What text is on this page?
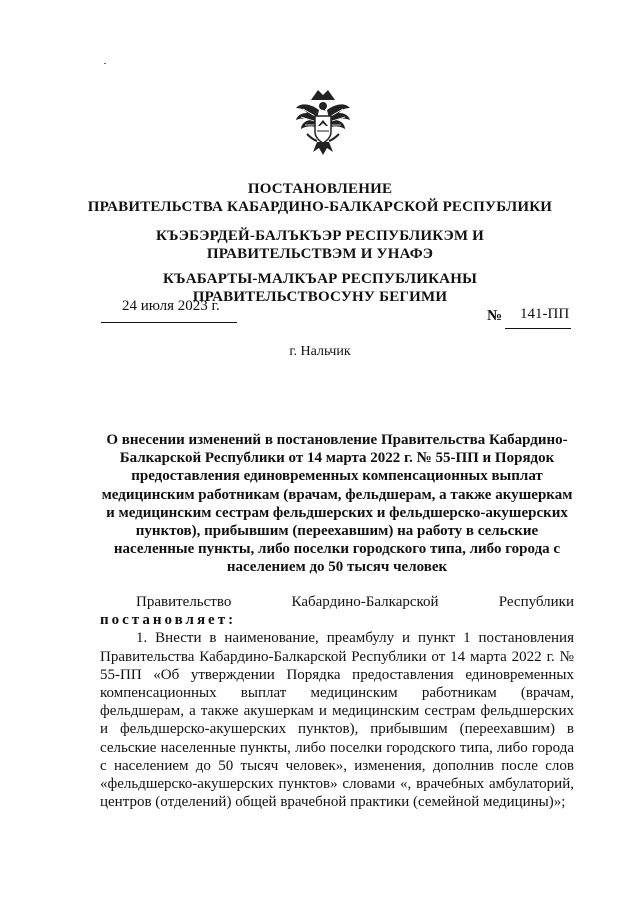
ПОСТАНОВЛЕНИЕ
ПРАВИТЕЛЬСТВА КАБАРДИНО-БАЛКАРСКОЙ РЕСПУБЛИКИ
КЪЭБЭРДЕЙ-БАЛЪКЪЭР РЕСПУБЛИКЭМ И ПРАВИТЕЛЬСТВЭМ И УНАФЭ
КЪАБАРТЫ-МАЛКЪАР РЕСПУБЛИКАНЫ ПРАВИТЕЛЬСТВОСУНУ БЕГИМИ
24 июля 2023 г.
№ 141-ПП
г. Нальчик
О внесении изменений в постановление Правительства Кабардино-Балкарской Республики от 14 марта 2022 г. № 55-ПП и Порядок предоставления единовременных компенсационных выплат медицинским работникам (врачам, фельдшерам, а также акушеркам и медицинским сестрам фельдшерских и фельдшерско-акушерских пунктов), прибывшим (переехавшим) на работу в сельские населенные пункты, либо поселки городского типа, либо города с населением до 50 тысяч человек

Правительство Кабардино-Балкарской Республики

постановляет:

1. Внести в наименование, преамбулу и пункт 1 постановления Правительства Кабардино-Балкарской Республики от 14 марта 2022 г. № 55-ПП «Об утверждении Порядка предоставления единовременных компенсационных выплат медицинским работникам (врачам, фельдшерам, а также акушеркам и медицинским сестрам фельдшерских и фельдшерско-акушерских пунктов), прибывшим (переехавшим) в сельские населенные пункты, либо поселки городского типа, либо города с населением до 50 тысяч человек», изменения, дополнив после слов «фельдшерско-акушерских пунктов» словами «, врачебных амбулаторий, центров (отделений) общей врачебной практики (семейной медицины)»;
